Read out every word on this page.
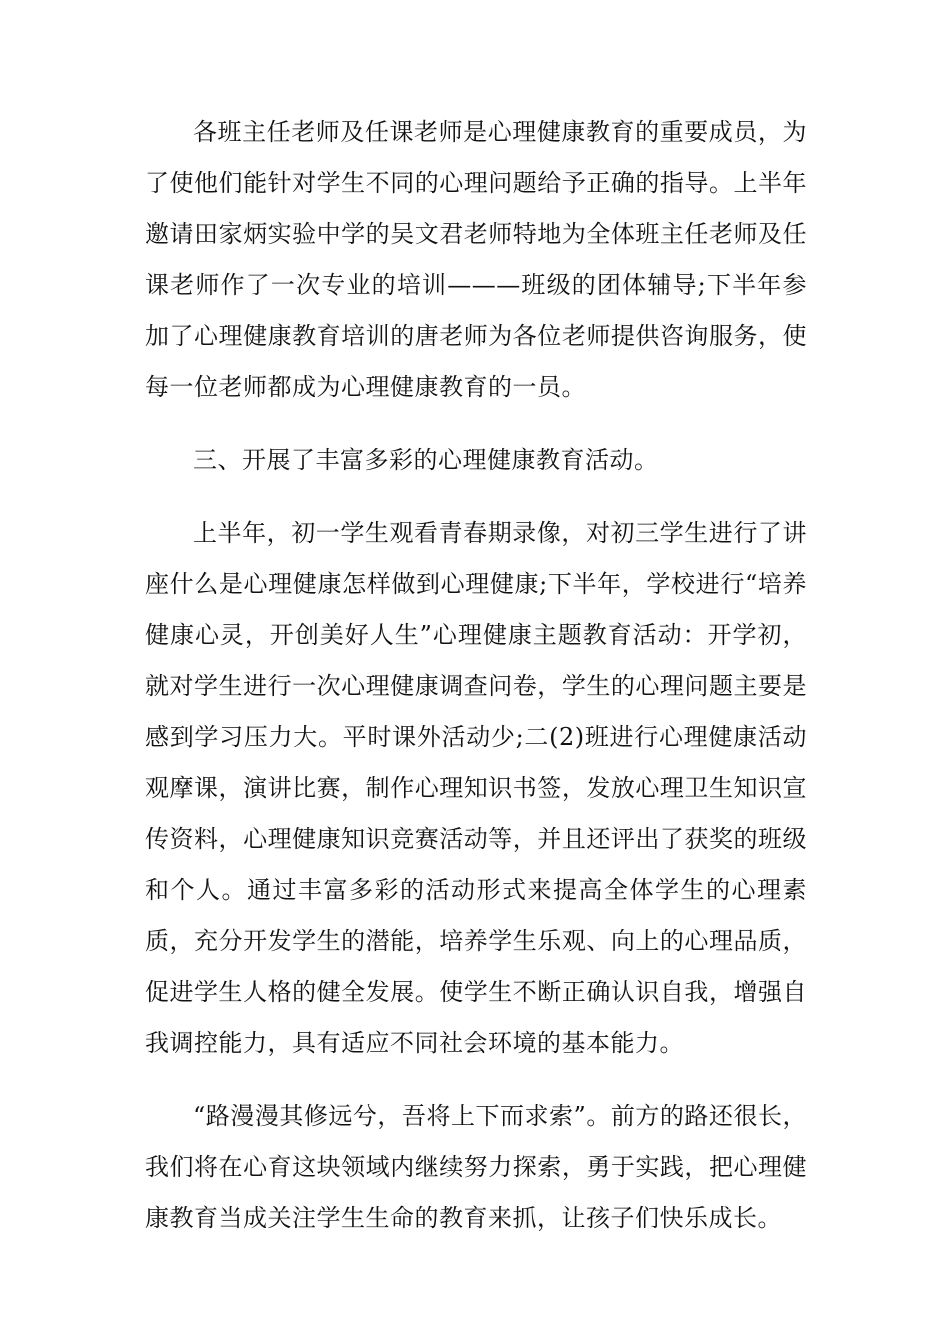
各班主任老师及任课老师是心理健康教育的重要成员，为了使他们能针对学生不同的心理问题给予正确的指导。上半年邀请田家炳实验中学的吴文君老师特地为全体班主任老师及任课老师作了一次专业的培训———班级的团体辅导;下半年参加了心理健康教育培训的唐老师为各位老师提供咨询服务，使每一位老师都成为心理健康教育的一员。

三、开展了丰富多彩的心理健康教育活动。

上半年，初一学生观看青春期录像，对初三学生进行了讲座什么是心理健康怎样做到心理健康;下半年，学校进行“培养健康心灵，开创美好人生”心理健康主题教育活动：开学初，就对学生进行一次心理健康调查问卷，学生的心理问题主要是感到学习压力大。平时课外活动少;二(2)班进行心理健康活动观摩课，演讲比赛，制作心理知识书签，发放心理卫生知识宣传资料，心理健康知识竞赛活动等，并且还评出了获奖的班级和个人。通过丰富多彩的活动形式来提高全体学生的心理素质，充分开发学生的潜能，培养学生乐观、向上的心理品质，促进学生人格的健全发展。使学生不断正确认识自我，增强自我调控能力，具有适应不同社会环境的基本能力。

“路漫漫其修远兮，吾将上下而求索”。前方的路还很长，我们将在心育这块领域内继续努力探索，勇于实践，把心理健康教育当成关注学生生命的教育来抓，让孩子们快乐成长。
